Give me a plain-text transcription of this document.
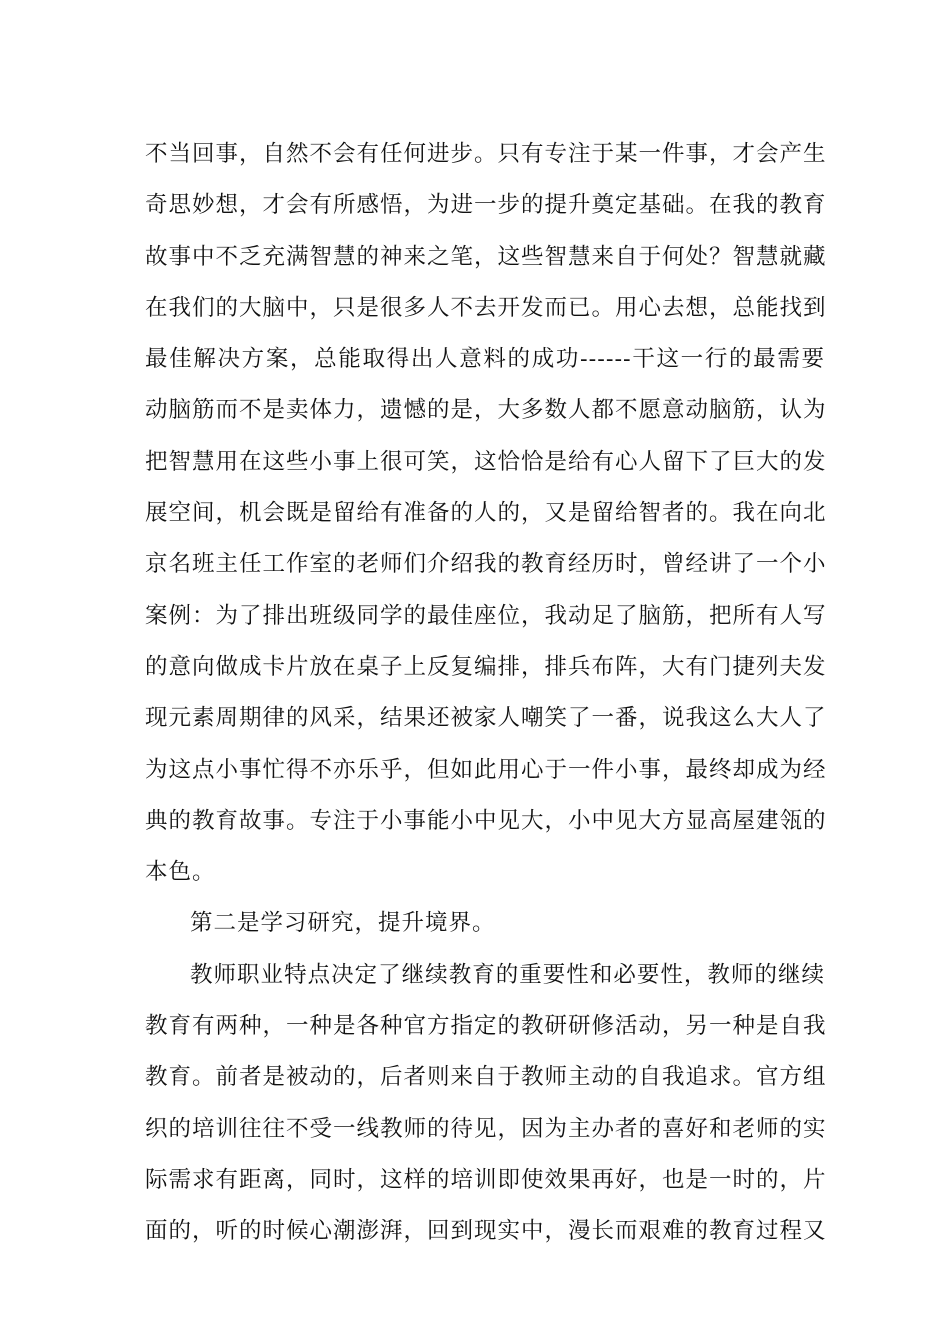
不当回事，自然不会有任何进步。只有专注于某一件事，才会产生
奇思妙想，才会有所感悟，为进一步的提升奠定基础。在我的教育
故事中不乏充满智慧的神来之笔，这些智慧来自于何处？智慧就藏
在我们的大脑中，只是很多人不去开发而已。用心去想，总能找到
最佳解决方案，总能取得出人意料的成功------干这一行的最需要
动脑筋而不是卖体力，遗憾的是，大多数人都不愿意动脑筋，认为
把智慧用在这些小事上很可笑，这恰恰是给有心人留下了巨大的发
展空间，机会既是留给有准备的人的，又是留给智者的。我在向北
京名班主任工作室的老师们介绍我的教育经历时，曾经讲了一个小
案例：为了排出班级同学的最佳座位，我动足了脑筋，把所有人写
的意向做成卡片放在桌子上反复编排，排兵布阵，大有门捷列夫发
现元素周期律的风采，结果还被家人嘲笑了一番，说我这么大人了
为这点小事忙得不亦乐乎，但如此用心于一件小事，最终却成为经
典的教育故事。专注于小事能小中见大，小中见大方显高屋建瓴的
本色。
第二是学习研究，提升境界。
教师职业特点决定了继续教育的重要性和必要性，教师的继续
教育有两种，一种是各种官方指定的教研研修活动，另一种是自我
教育。前者是被动的，后者则来自于教师主动的自我追求。官方组
织的培训往往不受一线教师的待见，因为主办者的喜好和老师的实
际需求有距离，同时，这样的培训即使效果再好，也是一时的，片
面的，听的时候心潮澎湃，回到现实中，漫长而艰难的教育过程又
